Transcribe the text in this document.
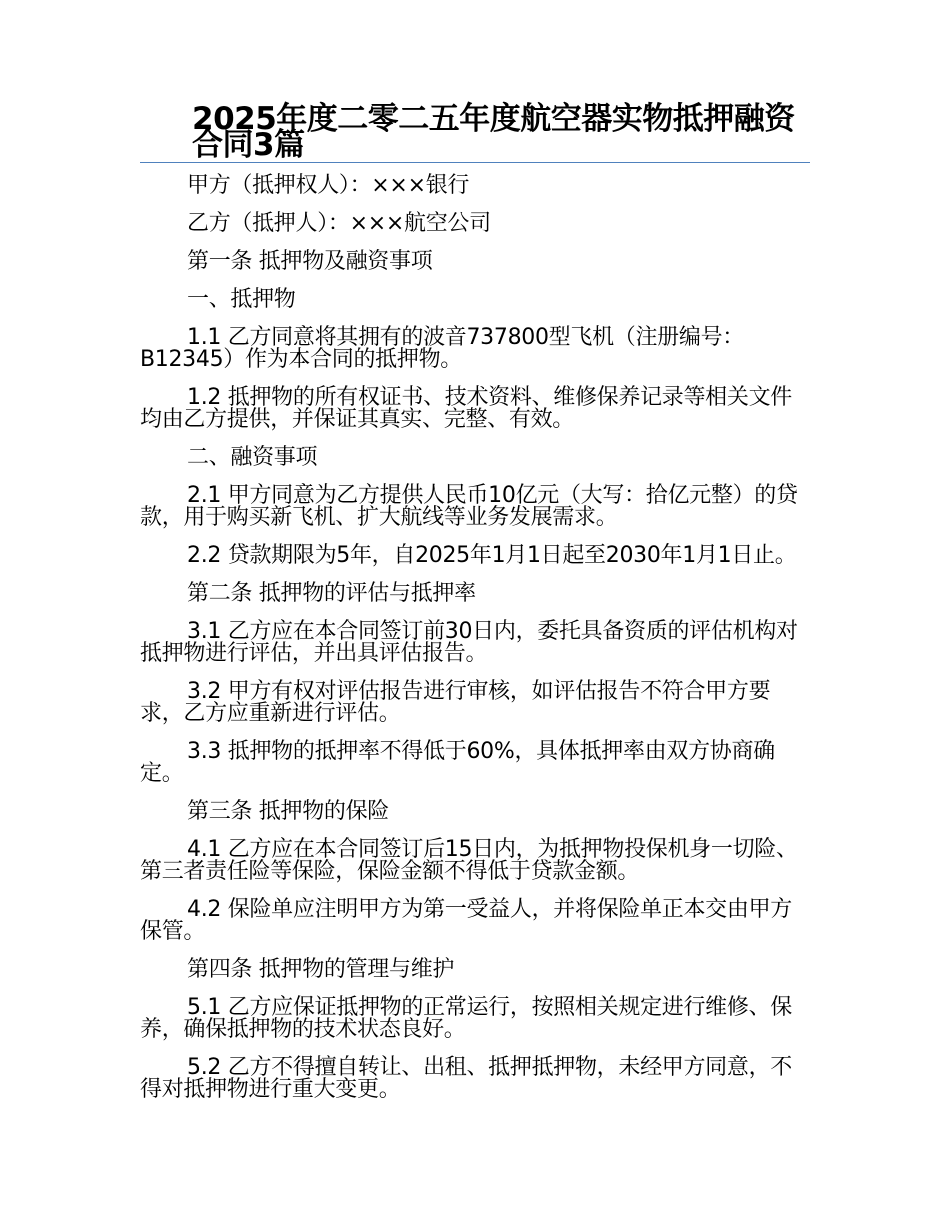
2025年度二零二五年度航空器实物抵押融资合同3篇

甲方（抵押权人）：×××银行

乙方（抵押人）：×××航空公司

第一条 抵押物及融资事项

一、抵押物

1.1 乙方同意将其拥有的波音737800型飞机（注册编号：B12345）作为本合同的抵押物。

1.2 抵押物的所有权证书、技术资料、维修保养记录等相关文件均由乙方提供，并保证其真实、完整、有效。

二、融资事项

2.1 甲方同意为乙方提供人民币10亿元（大写：拾亿元整）的贷款，用于购买新飞机、扩大航线等业务发展需求。

2.2 贷款期限为5年，自2025年1月1日起至2030年1月1日止。

第二条 抵押物的评估与抵押率

3.1 乙方应在本合同签订前30日内，委托具备资质的评估机构对抵押物进行评估，并出具评估报告。

3.2 甲方有权对评估报告进行审核，如评估报告不符合甲方要求，乙方应重新进行评估。

3.3 抵押物的抵押率不得低于60%，具体抵押率由双方协商确定。

第三条 抵押物的保险

4.1 乙方应在本合同签订后15日内，为抵押物投保机身一切险、第三者责任险等保险，保险金额不得低于贷款金额。

4.2 保险单应注明甲方为第一受益人，并将保险单正本交由甲方保管。

第四条 抵押物的管理与维护

5.1 乙方应保证抵押物的正常运行，按照相关规定进行维修、保养，确保抵押物的技术状态良好。

5.2 乙方不得擅自转让、出租、抵押抵押物，未经甲方同意，不得对抵押物进行重大变更。
